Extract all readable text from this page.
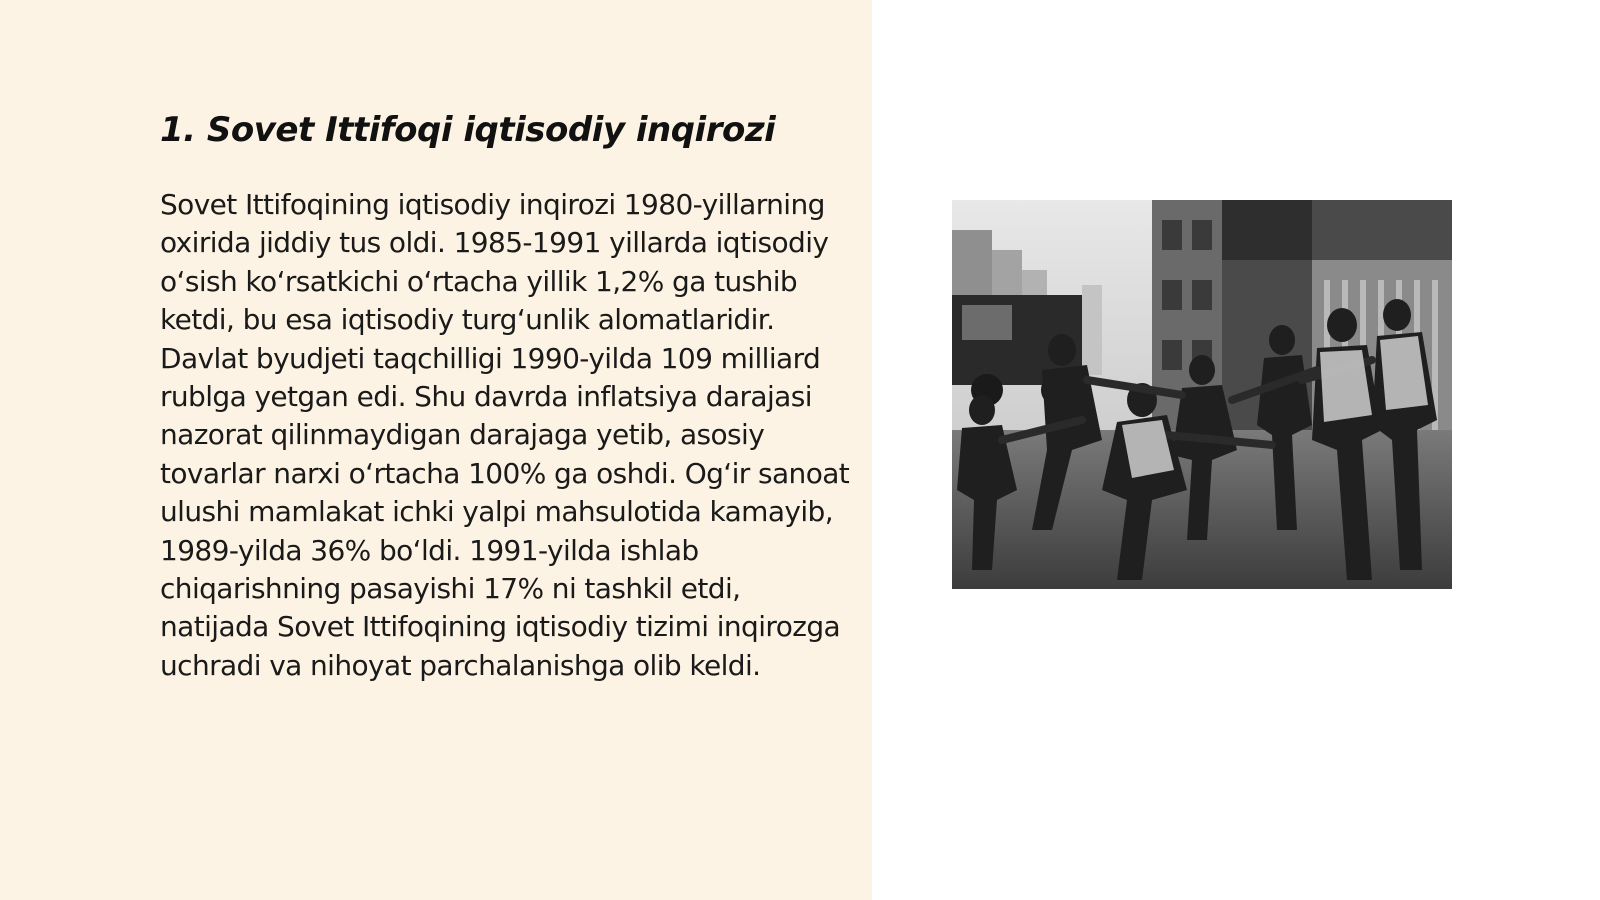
1. Sovet Ittifoqi iqtisodiy inqirozi

Sovet Ittifoqining iqtisodiy inqirozi 1980-yillarning oxirida jiddiy tus oldi. 1985-1991 yillarda iqtisodiy o‘sish ko‘rsatkichi o‘rtacha yillik 1,2% ga tushib ketdi, bu esa iqtisodiy turg‘unlik alomatlaridir. Davlat byudjeti taqchilligi 1990-yilda 109 milliard rublga yetgan edi. Shu davrda inflatsiya darajasi nazorat qilinmaydigan darajaga yetib, asosiy tovarlar narxi o‘rtacha 100% ga oshdi. Og‘ir sanoat ulushi mamlakat ichki yalpi mahsulotida kamayib, 1989-yilda 36% bo‘ldi. 1991-yilda ishlab chiqarishning pasayishi 17% ni tashkil etdi, natijada Sovet Ittifoqining iqtisodiy tizimi inqirozga uchradi va nihoyat parchalanishga olib keldi.
